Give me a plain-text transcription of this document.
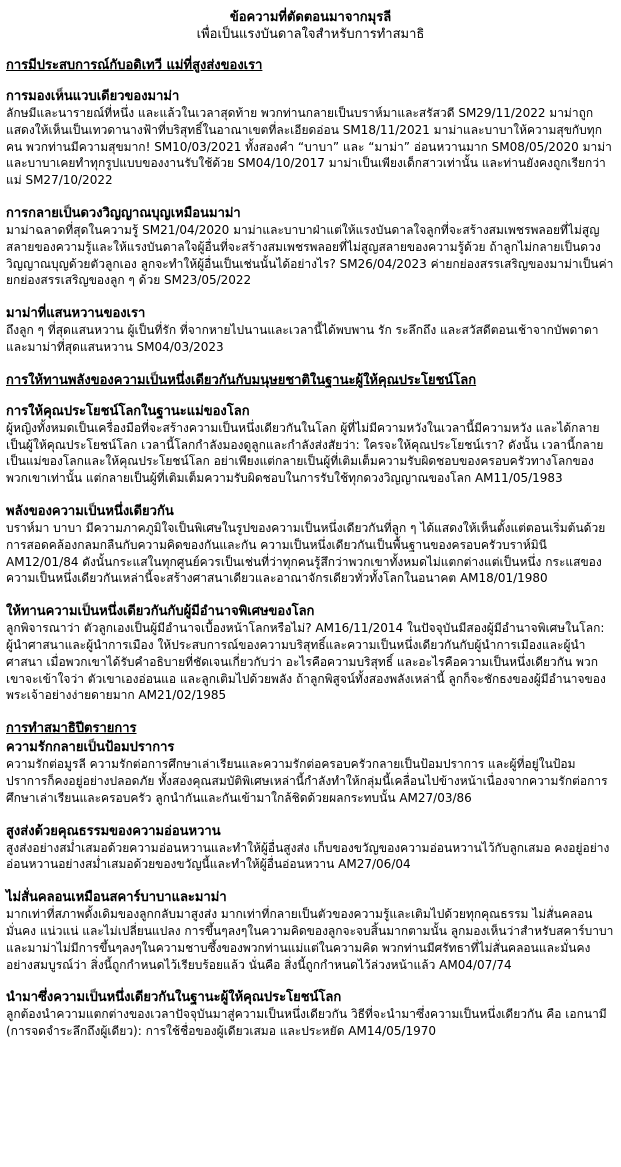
ข้อความที่ตัดตอนมาจากมุรลี
เพื่อเป็นแรงบันดาลใจสำหรับการทำสมาธิ
การมีประสบการณ์กับอดิเทวี แม่ที่สูงส่งของเรา
การมองเห็นแวบเดียวของมาม่า
ลักษมีและนารายณ์ที่หนึ่ง และแล้วในเวลาสุดท้าย พวกท่านกลายเป็นบราห์มาและสรัสวดี SM29/11/2022 มาม่าถูกแสดงให้เห็นเป็นเทวดานางฟ้าที่บริสุทธิ์ในอาณาเขตที่ละเอียดอ่อน SM18/11/2021 มาม่าและบาบาให้ความสุขกับทุกคน พวกท่านมีความสุขมาก! SM10/03/2021 ทั้งสองคำ “บาบา” และ “มาม่า” อ่อนหวานมาก SM08/05/2020 มาม่าและบาบาเคยทำทุกรูปแบบของงานรับใช้ด้วย SM04/10/2017 มาม่าเป็นเพียงเด็กสาวเท่านั้น และท่านยังคงถูกเรียกว่าแม่ SM27/10/2022
การกลายเป็นดวงวิญญาณบุญเหมือนมาม่า
มาม่าฉลาดที่สุดในความรู้ SM21/04/2020 มาม่าและบาบาฝ่าแต่ให้แรงบันดาลใจลูกที่จะสร้างสมเพชรพลอยที่ไม่สูญสลายของความรู้และให้แรงบันดาลใจผู้อื่นที่จะสร้างสมเพชรพลอยที่ไม่สูญสลายของความรู้ด้วย ถ้าลูกไม่กลายเป็นดวงวิญญาณบุญด้วยตัวลูกเอง ลูกจะทำให้ผู้อื่นเป็นเช่นนั้นได้อย่างไร? SM26/04/2023 ค่ายกย่องสรรเสริญของมาม่าเป็นค่ายกย่องสรรเสริญของลูก ๆ ด้วย SM23/05/2022
มาม่าที่แสนหวานของเรา
ถึงลูก ๆ ที่สุดแสนหวาน ผู้เป็นที่รัก ที่จากหายไปนานและเวลานี้ได้พบพาน รัก ระลึกถึง และสวัสดีตอนเช้าจากบัพดาดาและมาม่าที่สุดแสนหวาน SM04/03/2023
การให้ทานพลังของความเป็นหนึ่งเดียวกันกับมนุษยชาติในฐานะผู้ให้คุณประโยชน์โลก
การให้คุณประโยชน์โลกในฐานะแม่ของโลก
ผู้หญิงทั้งหมดเป็นเครื่องมือที่จะสร้างความเป็นหนึ่งเดียวกันในโลก ผู้ที่ไม่มีความหวังในเวลานี้มีความหวัง และได้กลายเป็นผู้ให้คุณประโยชน์โลก เวลานี้โลกกำลังมองดูลูกและกำลังส่งสัยว่า: ใครจะให้คุณประโยชน์เรา? ดังนั้น เวลานี้กลายเป็นแม่ของโลกและให้คุณประโยชน์โลก อย่าเพียงแต่กลายเป็นผู้ที่เติมเต็มความรับผิดชอบของครอบครัวทางโลกของพวกเขาเท่านั้น แต่กลายเป็นผู้ที่เติมเต็มความรับผิดชอบในการรับใช้ทุกดวงวิญญาณของโลก AM11/05/1983
พลังของความเป็นหนึ่งเดียวกัน
บราห์มา บาบา มีความภาคภูมิใจเป็นพิเศษในรูปของความเป็นหนึ่งเดียวกันที่ลูก ๆ ได้แสดงให้เห็นตั้งแต่ตอนเริ่มต้นด้วยการสอดคล้องกลมกลืนกับความคิดของกันและกัน ความเป็นหนึ่งเดียวกันเป็นพื้นฐานของครอบครัวบราห์มินี AM12/01/84 ดังนั้นกระแสในทุกศูนย์ควรเป็นเช่นที่ว่าทุกคนรู้สึกว่าพวกเขาทั้งหมดไม่แตกต่างแต่เป็นหนึ่ง กระแสของความเป็นหนึ่งเดียวกันเหล่านี้จะสร้างศาสนาเดียวและอาณาจักรเดียวทั่วทั้งโลกในอนาคต AM18/01/1980
ให้ทานความเป็นหนึ่งเดียวกันกับผู้มีอำนาจพิเศษของโลก
ลูกพิจารณาว่า ตัวลูกเองเป็นผู้มีอำนาจเบื้องหน้าโลกหรือไม่? AM16/11/2014 ในปัจจุบันมีสองผู้มีอำนาจพิเศษในโลก: ผู้นำศาสนาและผู้นำการเมือง ให้ประสบการณ์ของความบริสุทธิ์และความเป็นหนึ่งเดียวกันกับผู้นำการเมืองและผู้นำศาสนา เมื่อพวกเขาได้รับคำอธิบายที่ชัดเจนเกี่ยวกับว่า อะไรคือความบริสุทธิ์ และอะไรคือความเป็นหนึ่งเดียวกัน พวกเขาจะเข้าใจว่า ตัวเขาเองอ่อนแอ และลูกเติมไปด้วยพลัง ถ้าลูกพิสูจน์ทั้งสองพลังเหล่านี้ ลูกก็จะชักธงของผู้มีอำนาจของพระเจ้าอย่างง่ายดายมาก AM21/02/1985
การทำสมาธิปีตรายการ
ความรักกลายเป็นป้อมปราการ
ความรักต่อมูรลี ความรักต่อการศึกษาเล่าเรียนและความรักต่อครอบครัวกลายเป็นป้อมปราการ และผู้ที่อยู่ในป้อมปราการก็คงอยู่อย่างปลอดภัย ทั้งสองคุณสมบัติพิเศษเหล่านี้กำลังทำให้กลุ่มนี้เคลื่อนไปข้างหน้าเนื่องจากความรักต่อการศึกษาเล่าเรียนและครอบครัว ลูกนำกันและกันเข้ามาใกล้ชิดด้วยผลกระทบนั้น AM27/03/86
สูงส่งด้วยคุณธรรมของความอ่อนหวาน
สูงส่งอย่างสม่ำเสมอด้วยความอ่อนหวานและทำให้ผู้อื่นสูงส่ง เก็บของขวัญของความอ่อนหวานไว้กับลูกเสมอ คงอยู่อย่างอ่อนหวานอย่างสม่ำเสมอด้วยของขวัญนี้และทำให้ผู้อื่นอ่อนหวาน AM27/06/04
ไม่สั่นคลอนเหมือนสคาร์บาบาและมาม่า
มากเท่าที่สภาพดั้งเดิมของลูกกลับมาสูงส่ง มากเท่าที่กลายเป็นตัวของความรู้และเติมไปด้วยทุกคุณธรรม ไม่สั่นคลอน มั่นคง แน่วแน่ และไม่เปลี่ยนแปลง การขึ้นๆลงๆในความคิดของลูกจะจบสิ้นมากตามนั้น ลูกมองเห็นว่าสำหรับสคาร์บาบาและมาม่าไม่มีการขึ้นๆลงๆในความชาบซึ้งของพวกท่านแม่แต่ในความคิด พวกท่านมีศรัทธาที่ไม่สั่นคลอนและมั่นคงอย่างสมบูรณ์ว่า สิ่งนี้ถูกกำหนดไว้เรียบร้อยแล้ว นั่นคือ สิ่งนี้ถูกกำหนดไว้ล่วงหน้าแล้ว AM04/07/74
นำมาซึ่งความเป็นหนึ่งเดียวกันในฐานะผู้ให้คุณประโยชน์โลก
ลูกต้องนำความแตกต่างของเวลาปัจจุบันมาสู่ความเป็นหนึ่งเดียวกัน วิธีที่จะนำมาซึ่งความเป็นหนึ่งเดียวกัน คือ เอกนามี (การจดจำระลึกถึงผู้เดียว): การใช้ชื่อของผู้เดียวเสมอ และประหยัด AM14/05/1970
